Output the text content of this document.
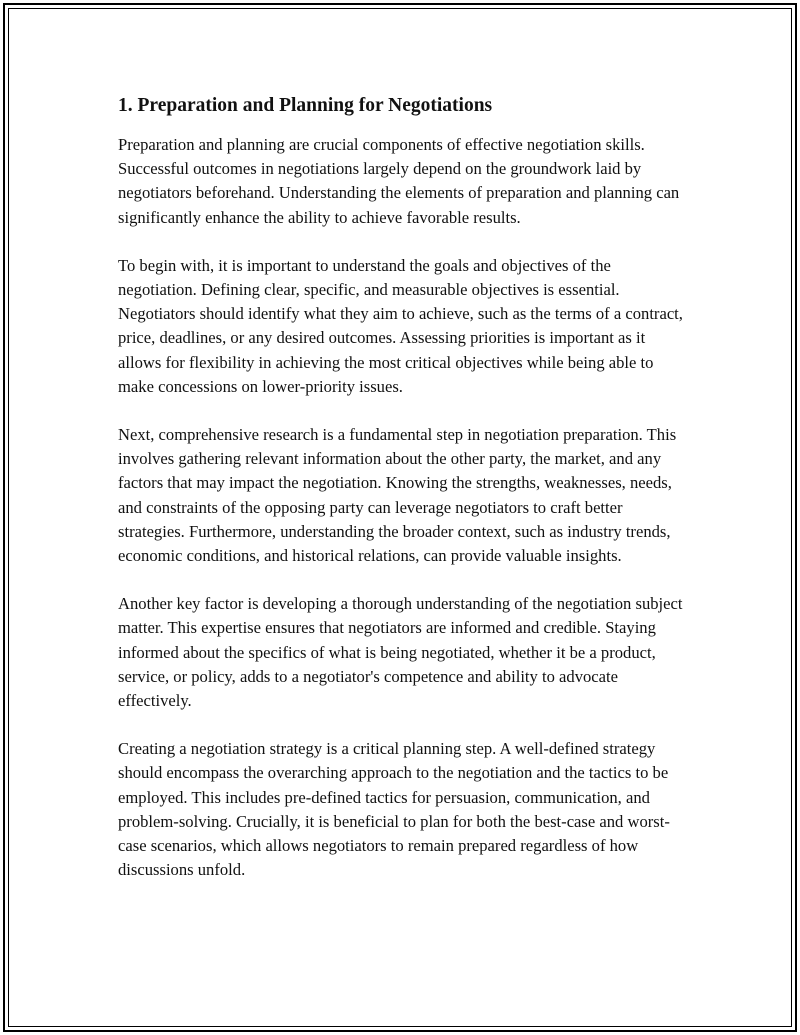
1. Preparation and Planning for Negotiations

Preparation and planning are crucial components of effective negotiation skills. Successful outcomes in negotiations largely depend on the groundwork laid by negotiators beforehand. Understanding the elements of preparation and planning can significantly enhance the ability to achieve favorable results.

To begin with, it is important to understand the goals and objectives of the negotiation. Defining clear, specific, and measurable objectives is essential. Negotiators should identify what they aim to achieve, such as the terms of a contract, price, deadlines, or any desired outcomes. Assessing priorities is important as it allows for flexibility in achieving the most critical objectives while being able to make concessions on lower-priority issues.

Next, comprehensive research is a fundamental step in negotiation preparation. This involves gathering relevant information about the other party, the market, and any factors that may impact the negotiation. Knowing the strengths, weaknesses, needs, and constraints of the opposing party can leverage negotiators to craft better strategies. Furthermore, understanding the broader context, such as industry trends, economic conditions, and historical relations, can provide valuable insights.

Another key factor is developing a thorough understanding of the negotiation subject matter. This expertise ensures that negotiators are informed and credible. Staying informed about the specifics of what is being negotiated, whether it be a product, service, or policy, adds to a negotiator's competence and ability to advocate effectively.

Creating a negotiation strategy is a critical planning step. A well-defined strategy should encompass the overarching approach to the negotiation and the tactics to be employed. This includes pre-defined tactics for persuasion, communication, and problem-solving. Crucially, it is beneficial to plan for both the best-case and worst-case scenarios, which allows negotiators to remain prepared regardless of how discussions unfold.
